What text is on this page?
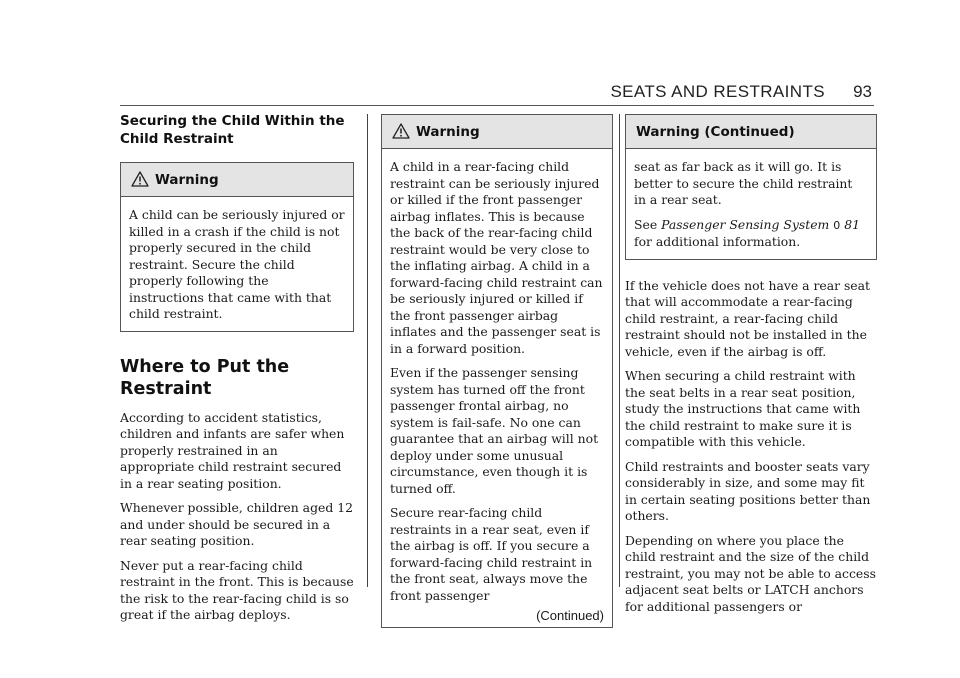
SEATS AND RESTRAINTS 93
Securing the Child Within the Child Restraint
Warning
A child can be seriously injured or killed in a crash if the child is not properly secured in the child restraint. Secure the child properly following the instructions that came with that child restraint.
Where to Put the Restraint
According to accident statistics, children and infants are safer when properly restrained in an appropriate child restraint secured in a rear seating position.
Whenever possible, children aged 12 and under should be secured in a rear seating position.
Never put a rear-facing child restraint in the front. This is because the risk to the rear-facing child is so great if the airbag deploys.
Warning
A child in a rear-facing child restraint can be seriously injured or killed if the front passenger airbag inflates. This is because the back of the rear-facing child restraint would be very close to the inflating airbag. A child in a forward-facing child restraint can be seriously injured or killed if the front passenger airbag inflates and the passenger seat is in a forward position.
Even if the passenger sensing system has turned off the front passenger frontal airbag, no system is fail-safe. No one can guarantee that an airbag will not deploy under some unusual circumstance, even though it is turned off.
Secure rear-facing child restraints in a rear seat, even if the airbag is off. If you secure a forward-facing child restraint in the front seat, always move the front passenger
(Continued)
Warning (Continued)
seat as far back as it will go. It is better to secure the child restraint in a rear seat.
See Passenger Sensing System 0 81
for additional information.
If the vehicle does not have a rear seat that will accommodate a rear-facing child restraint, a rear-facing child restraint should not be installed in the vehicle, even if the airbag is off.
When securing a child restraint with the seat belts in a rear seat position, study the instructions that came with the child restraint to make sure it is compatible with this vehicle.
Child restraints and booster seats vary considerably in size, and some may fit in certain seating positions better than others.
Depending on where you place the child restraint and the size of the child restraint, you may not be able to access adjacent seat belts or LATCH anchors for additional passengers or
